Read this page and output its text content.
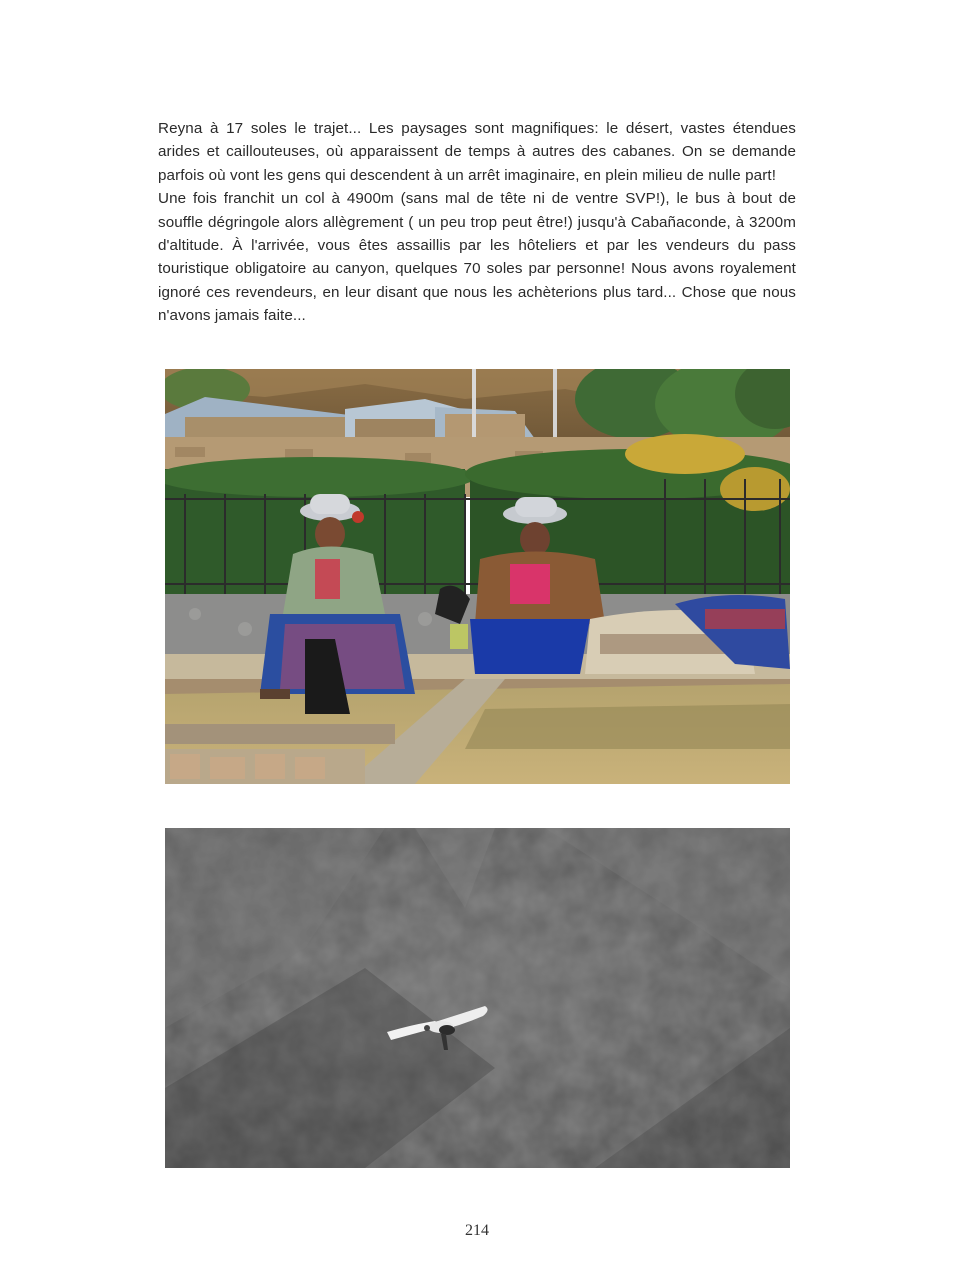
Reyna à 17 soles le trajet... Les paysages sont magnifiques: le désert, vastes étendues arides et caillouteuses, où apparaissent de temps à autres des cabanes. On se demande parfois où vont les gens qui descendent à un arrêt imaginaire, en plein milieu de nulle part!

Une fois franchit un col à 4900m (sans mal de tête ni de ventre SVP!), le bus à bout de souffle dégringole alors allègrement ( un peu trop peut être!) jusqu'à Cabañaconde, à 3200m d'altitude. À l'arrivée, vous êtes assaillis par les hôteliers et par les vendeurs du pass touristique obligatoire au canyon, quelques 70 soles par personne! Nous avons royalement ignoré ces revendeurs, en leur disant que nous les achèterions plus tard... Chose que nous n'avons jamais faite...

214
